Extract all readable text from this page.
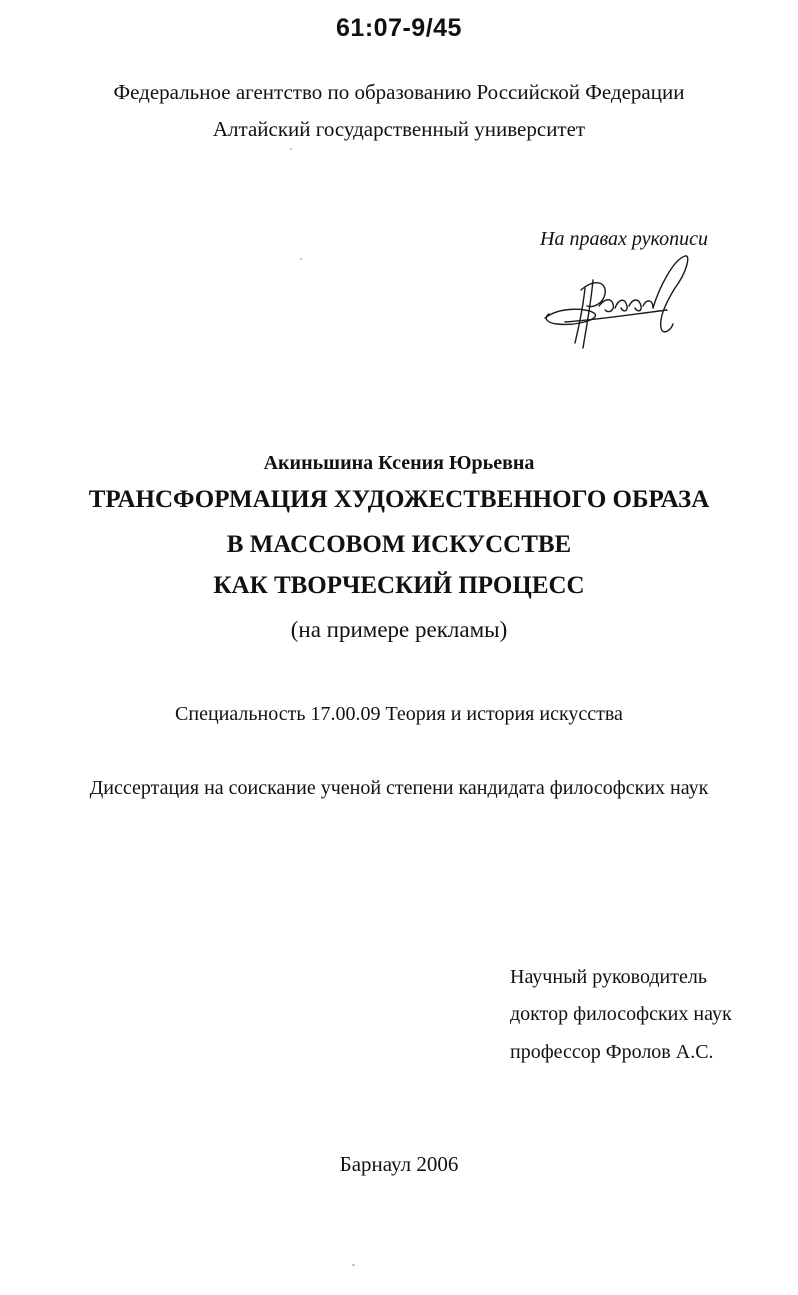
61:07-9/45
Федеральное агентство по образованию Российской Федерации
Алтайский государственный университет
На правах рукописи
Акиньшина Ксения Юрьевна
ТРАНСФОРМАЦИЯ ХУДОЖЕСТВЕННОГО ОБРАЗА
В МАССОВОМ ИСКУССТВЕ
КАК ТВОРЧЕСКИЙ ПРОЦЕСС
(на примере рекламы)
Специальность 17.00.09 Теория и история искусства
Диссертация на соискание ученой степени кандидата философских наук
Научный руководитель
доктор философских наук
профессор Фролов А.С.
Барнаул 2006
